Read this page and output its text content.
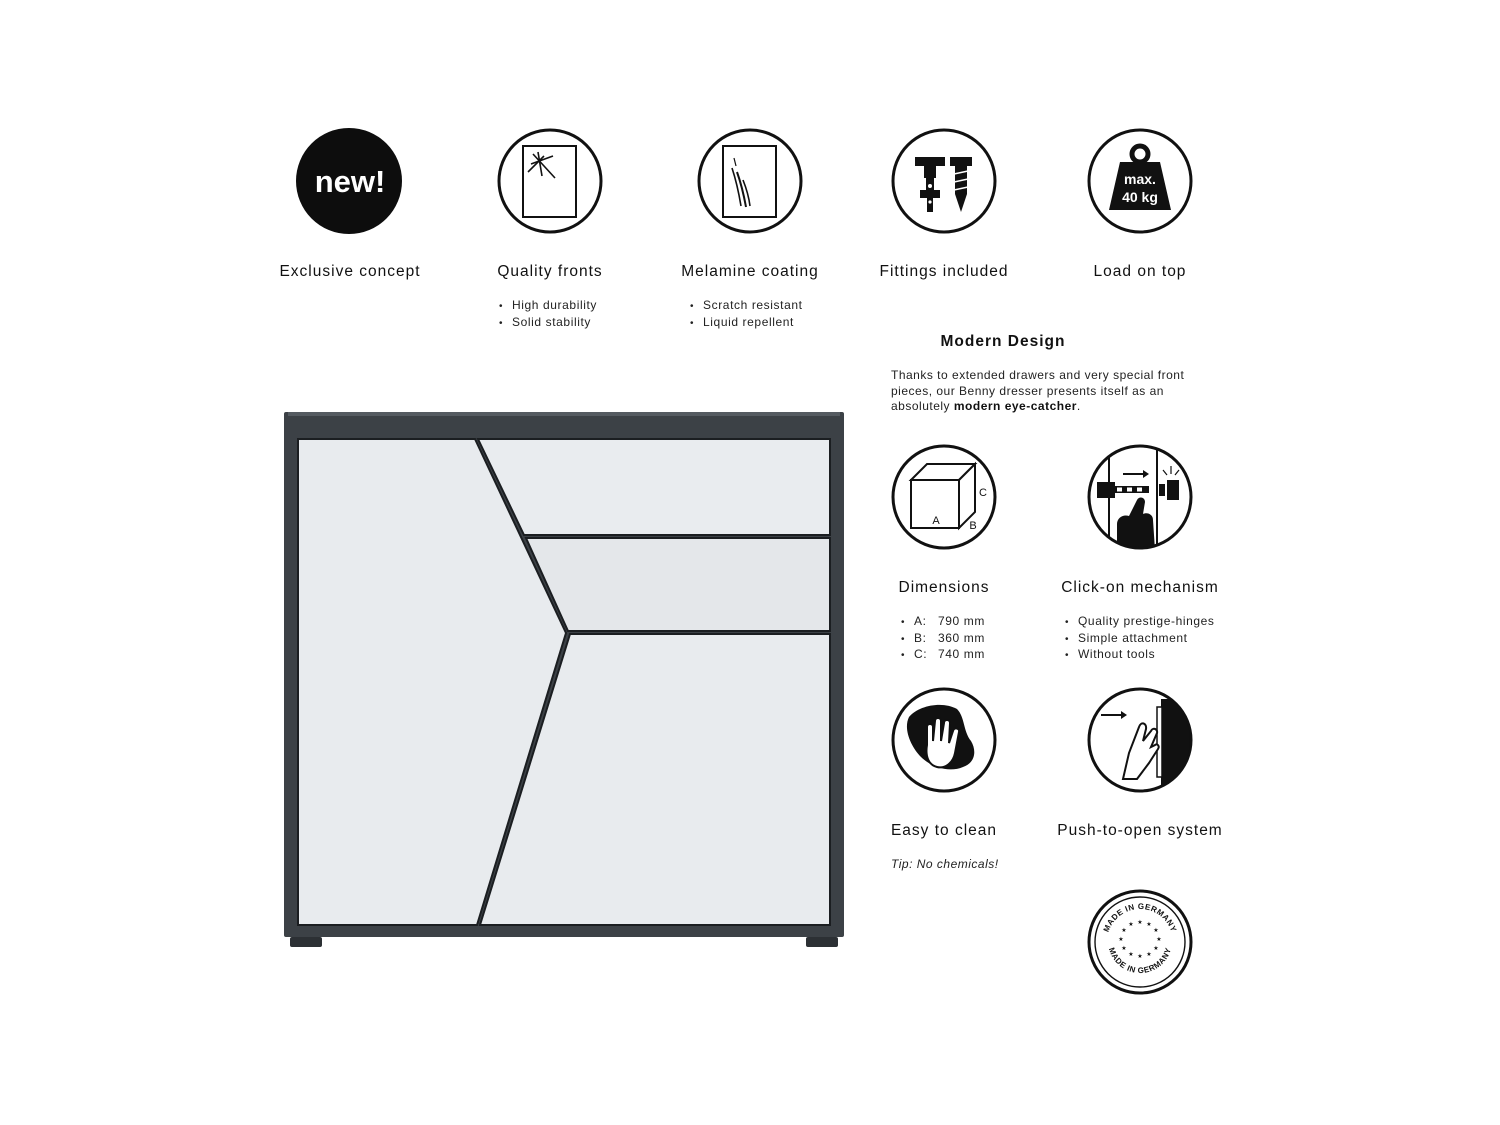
new!
Exclusive concept	Quality fronts
• High durability
• Solid stability
Melamine coating
• Scratch resistant
• Liquid repellent
Fittings included
max.
40 kg
Load on top
Modern Design
Thanks to extended drawers and very special front pieces, our Benny dresser presents itself as an absolutely modern eye-catcher.
A	B
C
Dimensions
• A: 790 mm
• B: 360 mm
• C: 740 mm
Click-on mechanism
• Quality prestige-hinges
• Simple attachment
• Without tools
Easy to clean
Tip: No chemicals!
Push-to-open system
MADE IN GERMANY
MADE IN GERMANY
★ ★
★
★
★
★
★
★
★
★
★
★
